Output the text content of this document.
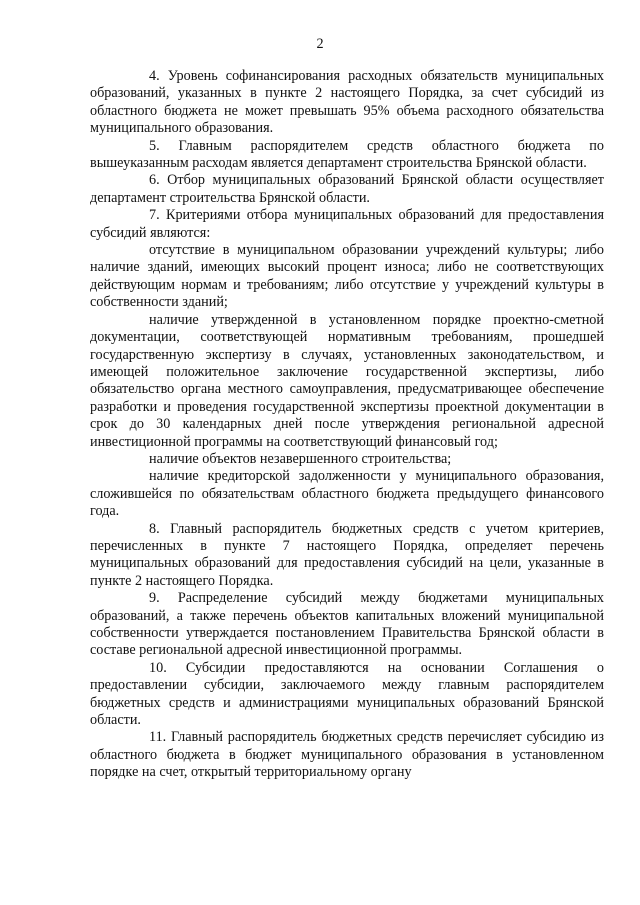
2

4. Уровень софинансирования расходных обязательств муниципальных образований, указанных в пункте 2 настоящего Порядка, за счет субсидий из областного бюджета не может превышать 95% объема расходного обязательства муниципального образования.

5. Главным распорядителем средств областного бюджета по вышеуказанным расходам является департамент строительства Брянской области.

6. Отбор муниципальных образований Брянской области осуществляет департамент строительства Брянской области.

7. Критериями отбора муниципальных образований для предоставления субсидий являются:

отсутствие в муниципальном образовании учреждений культуры; либо наличие зданий, имеющих высокий процент износа; либо не соответствующих действующим нормам и требованиям; либо отсутствие у учреждений культуры в собственности зданий;

наличие утвержденной в установленном порядке проектно-сметной документации, соответствующей нормативным требованиям, прошедшей государственную экспертизу в случаях, установленных законодательством, и имеющей положительное заключение государственной экспертизы, либо обязательство органа местного самоуправления, предусматривающее обеспечение разработки и проведения государственной экспертизы проектной документации в срок до 30 календарных дней после утверждения региональной адресной инвестиционной программы на соответствующий финансовый год;

наличие объектов незавершенного строительства;

наличие кредиторской задолженности у муниципального образования, сложившейся по обязательствам областного бюджета предыдущего финансового года.

8. Главный распорядитель бюджетных средств с учетом критериев, перечисленных в пункте 7 настоящего Порядка, определяет перечень муниципальных образований для предоставления субсидий на цели, указанные в пункте 2 настоящего Порядка.

9. Распределение субсидий между бюджетами муниципальных образований, а также перечень объектов капитальных вложений муниципальной собственности утверждается постановлением Правительства Брянской области в составе региональной адресной инвестиционной программы.

10. Субсидии предоставляются на основании Соглашения о предоставлении субсидии, заключаемого между главным распорядителем бюджетных средств и администрациями муниципальных образований Брянской области.

11. Главный распорядитель бюджетных средств перечисляет субсидию из областного бюджета в бюджет муниципального образования в установленном порядке на счет, открытый территориальному органу
